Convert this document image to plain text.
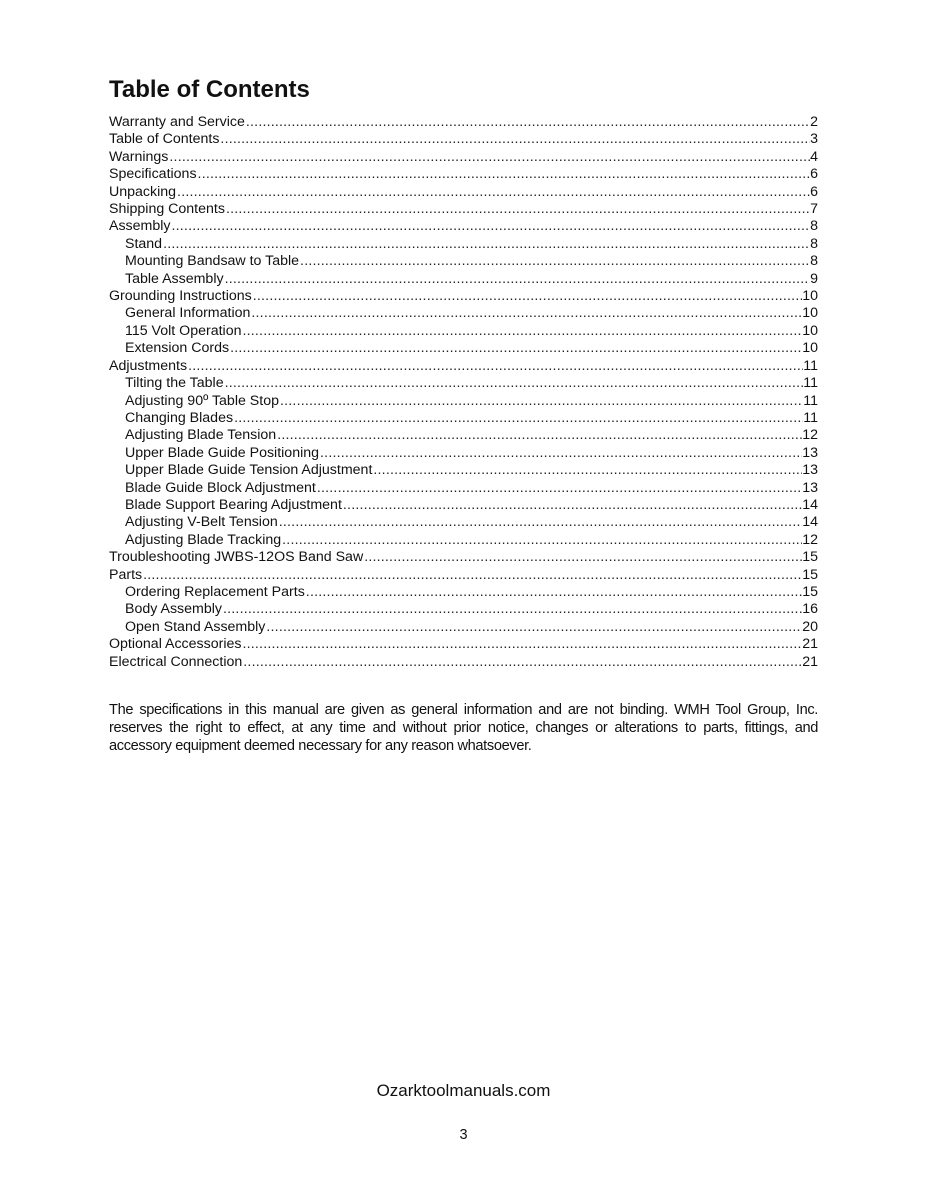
Table of Contents
Warranty and Service .....	2
Table of Contents .....	3
Warnings .....	4
Specifications .....	6
Unpacking .....	6
Shipping Contents .....	7
Assembly .....	8
Stand .....	8
Mounting Bandsaw to Table .....	8
Table Assembly .....	9
Grounding Instructions .....	10
General Information .....	10
115 Volt Operation .....	10
Extension Cords .....	10
Adjustments .....	11
Tilting the Table .....	11
Adjusting 90º Table Stop .....	11
Changing Blades .....	11
Adjusting Blade Tension .....	12
Upper Blade Guide Positioning .....	13
Upper Blade Guide Tension Adjustment .....	13
Blade Guide Block Adjustment .....	13
Blade Support Bearing Adjustment .....	14
Adjusting V-Belt Tension .....	14
Adjusting Blade Tracking .....	12
Troubleshooting JWBS-12OS Band Saw .....	15
Parts .....	15
Ordering Replacement Parts .....	15
Body Assembly .....	16
Open Stand Assembly .....	20
Optional Accessories .....	21
Electrical Connection .....	21

The specifications in this manual are given as general information and are not binding. WMH Tool Group, Inc. reserves the right to effect, at any time and without prior notice, changes or alterations to parts, fittings, and accessory equipment deemed necessary for any reason whatsoever.

Ozarktoolmanuals.com
3
